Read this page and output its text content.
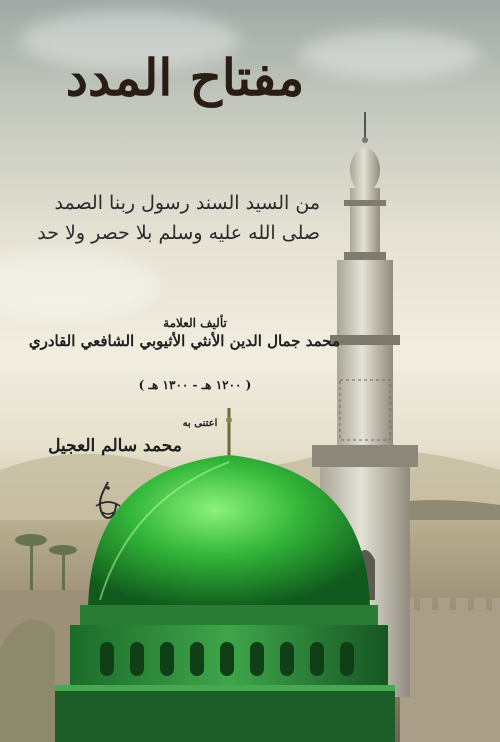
مفتاح المدد
من السيد السند رسول ربنا الصمد
صلى الله عليه وسلم بلا حصر ولا حد
تأليف العلامة
محمد جمال الدين الأنثي الأثيوبي الشافعي القادري
( ١٢٠٠ هـ - ١٣٠٠ هـ )
اعتنى به
محمد سالم العجيل
